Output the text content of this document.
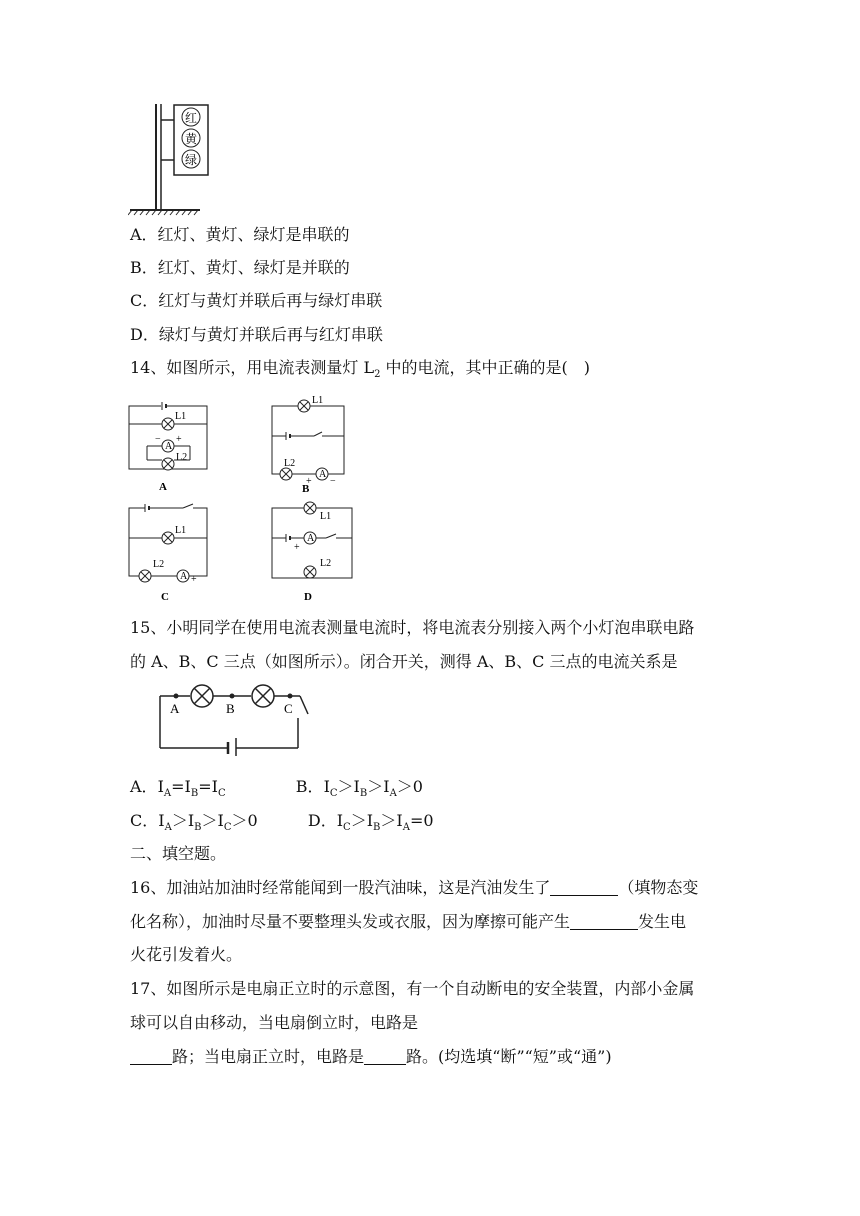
红
黄
绿
A．红灯、黄灯、绿灯是串联的
B．红灯、黄灯、绿灯是并联的
C．红灯与黄灯并联后再与绿灯串联
D．绿灯与黄灯并联后再与红灯串联
14、如图所示，用电流表测量灯 $L_2$ 中的电流，其中正确的是(　)
L1
A
− +
L2
A
L1
L2
A
+ −
B
L1
L2
A +
C
L1
A
+
L2
D
15、小明同学在使用电流表测量电流时，将电流表分别接入两个小灯泡串联电路
的 A、B、C 三点（如图所示）。闭合开关，测得 A、B、C 三点的电流关系是
A	B	C
A．$I_A=I_B=I_C$	B．$I_C>I_B>I_A>0$
C．$I_A>I_B>I_C>0$	D．$I_C>I_B>I_A=0$
二、填空题。
16、加油站加油时经常能闻到一股汽油味，这是汽油发生了	（填物态变
化名称），加油时尽量不要整理头发或衣服，因为摩擦可能产生	发生电
火花引发着火。
17、如图所示是电扇正立时的示意图，有一个自动断电的安全装置，内部小金属
球可以自由移动，当电扇倒立时，电路是
路；当电扇正立时，电路是	路。(均选填“断”“短”或“通”)
